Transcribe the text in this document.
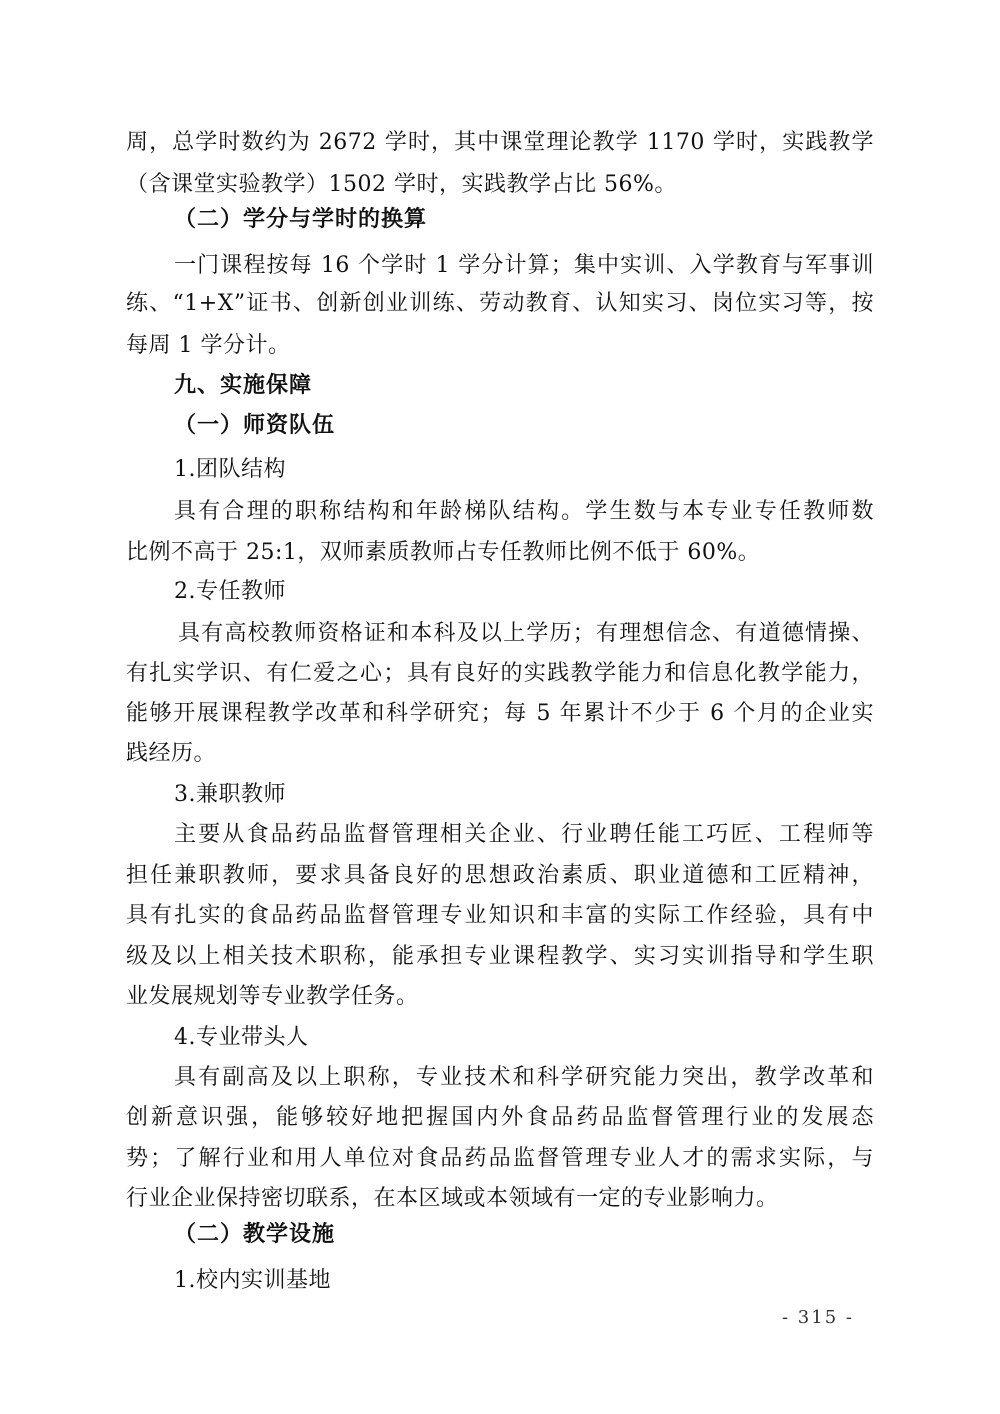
周，总学时数约为 2672 学时，其中课堂理论教学 1170 学时，实践教学
（含课堂实验教学）1502 学时，实践教学占比 56%。
（二）学分与学时的换算
一门课程按每 16 个学时 1 学分计算；集中实训、入学教育与军事训
练、“1+X”证书、创新创业训练、劳动教育、认知实习、岗位实习等，按
每周 1 学分计。
九、实施保障
（一）师资队伍
1.团队结构
具有合理的职称结构和年龄梯队结构。学生数与本专业专任教师数
比例不高于 25:1，双师素质教师占专任教师比例不低于 60%。
2.专任教师
具有高校教师资格证和本科及以上学历；有理想信念、有道德情操、
有扎实学识、有仁爱之心；具有良好的实践教学能力和信息化教学能力，
能够开展课程教学改革和科学研究；每 5 年累计不少于 6 个月的企业实
践经历。
3.兼职教师
主要从食品药品监督管理相关企业、行业聘任能工巧匠、工程师等
担任兼职教师，要求具备良好的思想政治素质、职业道德和工匠精神，
具有扎实的食品药品监督管理专业知识和丰富的实际工作经验，具有中
级及以上相关技术职称，能承担专业课程教学、实习实训指导和学生职
业发展规划等专业教学任务。
4.专业带头人
具有副高及以上职称，专业技术和科学研究能力突出，教学改革和
创新意识强，能够较好地把握国内外食品药品监督管理行业的发展态
势；了解行业和用人单位对食品药品监督管理专业人才的需求实际，与
行业企业保持密切联系，在本区域或本领域有一定的专业影响力。
（二）教学设施
1.校内实训基地
- 315 -
